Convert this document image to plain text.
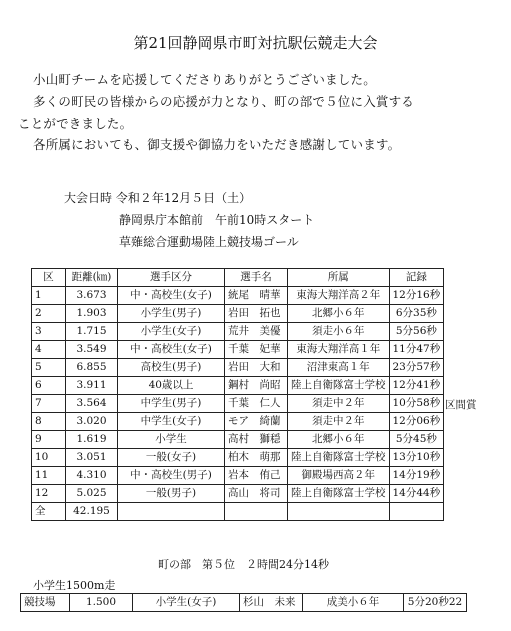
第21回静岡県市町対抗駅伝競走大会
小山町チームを応援してくださりありがとうございました。
多くの町民の皆様からの応援が力となり、町の部で５位に入賞する
ことができました。
各所属においても、御支援や御協力をいただき感謝しています。
大会日時 令和２年12月５日（土）
静岡県庁本館前　午前10時スタート
草薙総合運動場陸上競技場ゴール
区	距離(㎞)	選手区分	選手名	所属	記録
1	3.673	中・高校生(女子)	統尾　晴華	東海大翔洋高２年	12分16秒
2	1.903	小学生(男子)	岩田　拓也	北郷小６年	6分35秒
3	1.715	小学生(女子)	荒井　美優	須走小６年	5分56秒
4	3.549	中・高校生(女子)	千葉　妃華	東海大翔洋高１年	11分47秒
5	6.855	高校生(男子)	岩田　大和	沼津東高１年	23分57秒
6	3.911	40歳以上	鋼村　尚昭	陸上自衛隊富士学校	12分41秒
7	3.564	中学生(男子)	千葉　仁人	須走中２年	10分58秒
8	3.020	中学生(女子)	モア　綺蘭	須走中２年	12分06秒
9	1.619	小学生	高村　獅穏	北郷小６年	5分45秒
10	3.051	一般(女子)	柏木　萌那	陸上自衛隊富士学校	13分10秒
11	4.310	中・高校生(男子)	岩本　侑己	御殿場西高２年	14分19秒
12	5.025	一般(男子)	高山　将司	陸上自衛隊富士学校	14分44秒
全	42.195				
町の部　第５位　２時間24分14秒
小学生1500m走
競技場	1.500	小学生(女子)	杉山　未来	成美小６年	5分20秒22
区間賞
